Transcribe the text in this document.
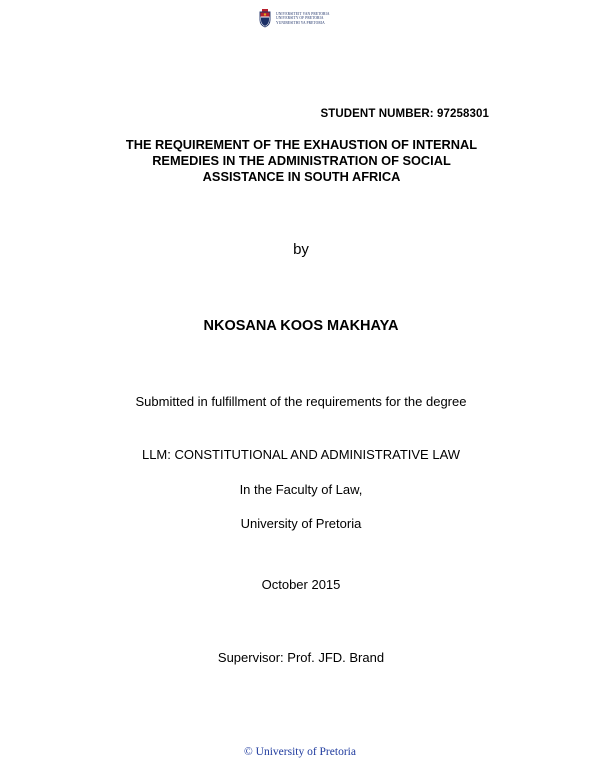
UNIVERSITEIT VAN PRETORIA
UNIVERSITY OF PRETORIA
YUNIBESITHI YA PRETORIA
STUDENT NUMBER: 97258301
THE REQUIREMENT OF THE EXHAUSTION OF INTERNAL
REMEDIES IN THE ADMINISTRATION OF SOCIAL
ASSISTANCE IN SOUTH AFRICA
by
NKOSANA KOOS MAKHAYA
Submitted in fulfillment of the requirements for the degree
LLM: CONSTITUTIONAL AND ADMINISTRATIVE LAW
In the Faculty of Law,
University of Pretoria
October 2015
Supervisor: Prof. JFD. Brand
© University of Pretoria
